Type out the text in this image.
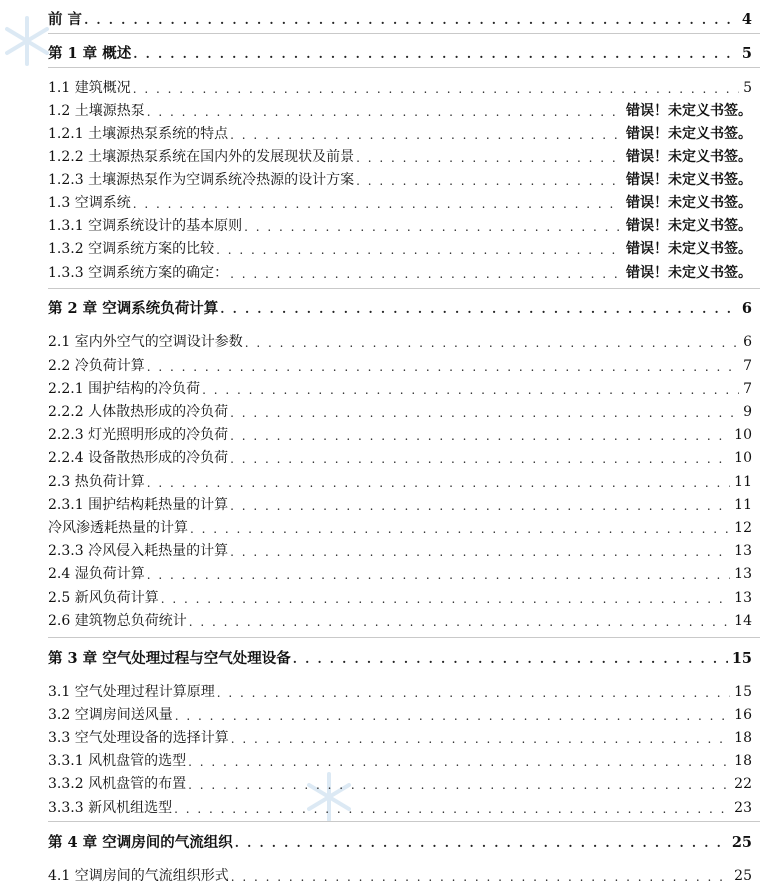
前 言 . . .	4
第 1 章 概述 . . .	5
1.1 建筑概况 . . .	5
1.2 土壤源热泵 . . .	错误！未定义书签。
1.2.1 土壤源热泵系统的特点 . . .	错误！未定义书签。
1.2.2 土壤源热泵系统在国内外的发展现状及前景 . . .	错误！未定义书签。
1.2.3 土壤源热泵作为空调系统冷热源的设计方案 . . .	错误！未定义书签。
1.3 空调系统 . . .	错误！未定义书签。
1.3.1 空调系统设计的基本原则 . . .	错误！未定义书签。
1.3.2 空调系统方案的比较 . . .	错误！未定义书签。
1.3.3 空调系统方案的确定： . . .	错误！未定义书签。
第 2 章 空调系统负荷计算 . . .	6
2.1 室内外空气的空调设计参数 . . .	6
2.2 冷负荷计算 . . .	7
2.2.1 围护结构的冷负荷 . . .	7
2.2.2 人体散热形成的冷负荷 . . .	9
2.2.3 灯光照明形成的冷负荷 . . .	10
2.2.4 设备散热形成的冷负荷 . . .	10
2.3 热负荷计算 . . .	11
2.3.1 围护结构耗热量的计算 . . .	11
冷风渗透耗热量的计算 . . .	12
2.3.3 冷风侵入耗热量的计算 . . .	13
2.4 湿负荷计算 . . .	13
2.5 新风负荷计算 . . .	13
2.6 建筑物总负荷统计 . . .	14
第 3 章 空气处理过程与空气处理设备 . . .	15
3.1 空气处理过程计算原理 . . .	15
3.2 空调房间送风量 . . .	16
3.3 空气处理设备的选择计算 . . .	18
3.3.1 风机盘管的选型 . . .	18
3.3.2 风机盘管的布置 . . .	22
3.3.3 新风机组选型 . . .	23
第 4 章 空调房间的气流组织 . . .	25
4.1 空调房间的气流组织形式 . . .	25
